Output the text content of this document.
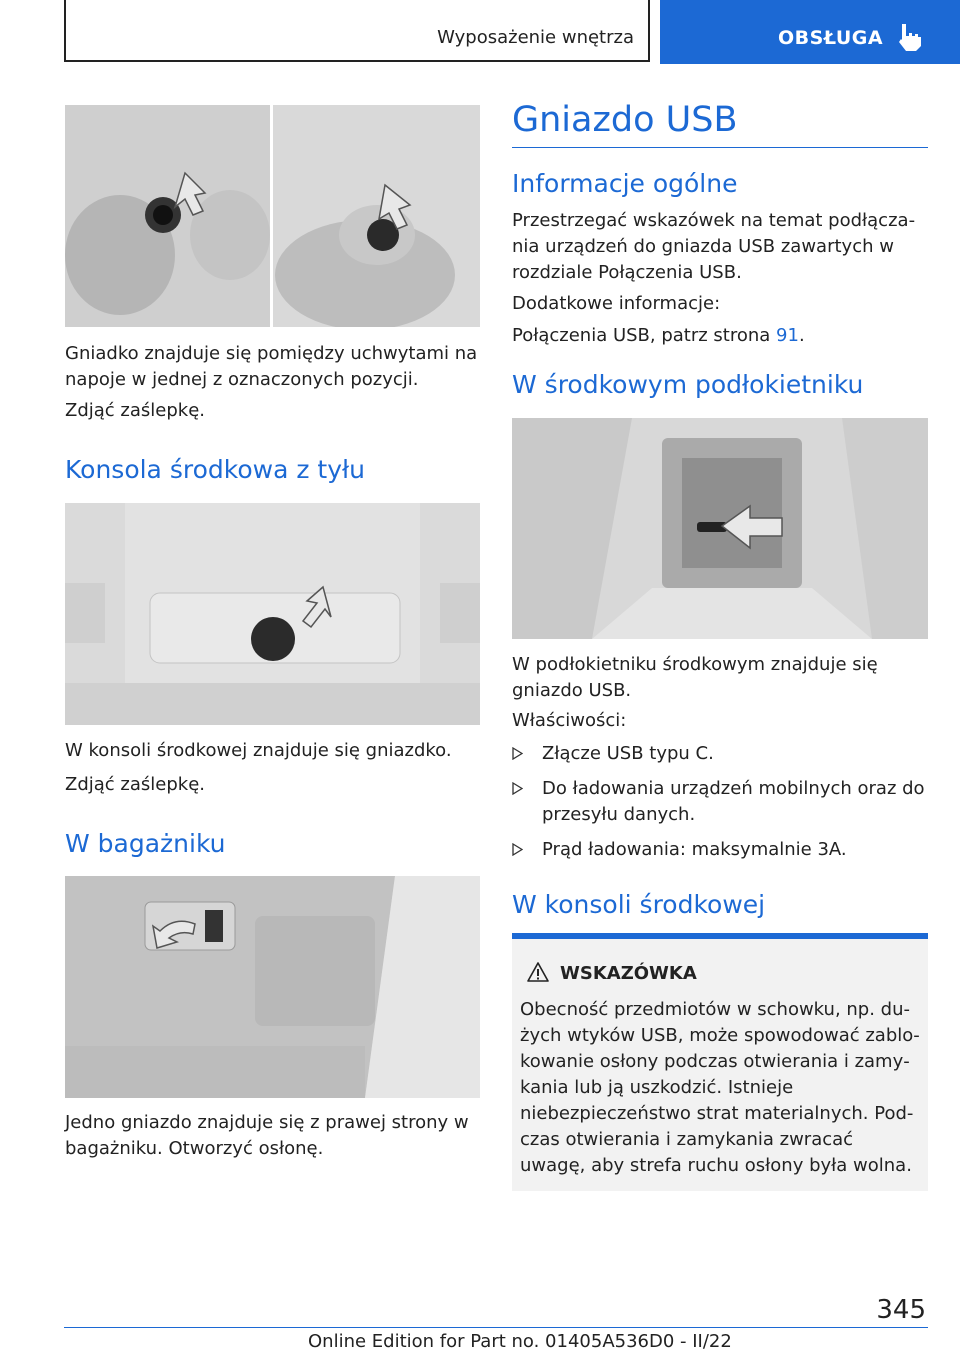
Wyposażenie wnętrza	OBSŁUGA

Gniadko znajduje się pomiędzy uchwytami na napoje w jednej z oznaczonych pozycji.

Zdjąć zaślepkę.

Konsola środkowa z tyłu

W konsoli środkowej znajduje się gniazdko.

Zdjąć zaślepkę.

W bagażniku

Jedno gniazdo znajduje się z prawej strony w bagażniku. Otworzyć osłonę.

Gniazdo USB
Informacje ogólne

Przestrzegać wskazówek na temat podłączania urządzeń do gniazda USB zawartych w rozdziale Połączenia USB.

Dodatkowe informacje:

Połączenia USB, patrz strona 91.

W środkowym podłokietniku

W podłokietniku środkowym znajduje się gniazdo USB.

Właściwości:

Złącze USB typu C.
Do ładowania urządzeń mobilnych oraz do przesyłu danych.
Prąd ładowania: maksymalnie 3A.
W konsoli środkowej
WSKAZÓWKA
Obecność przedmiotów w schowku, np. dużych wtyków USB, może spowodować zablokowanie osłony podczas otwierania i zamykania lub ją uszkodzić. Istnieje niebezpieczeństwo strat materialnych. Podczas otwierania i zamykania zwracać uwagę, aby strefa ruchu osłony była wolna.
345
Online Edition for Part no. 01405A536D0 - II/22
